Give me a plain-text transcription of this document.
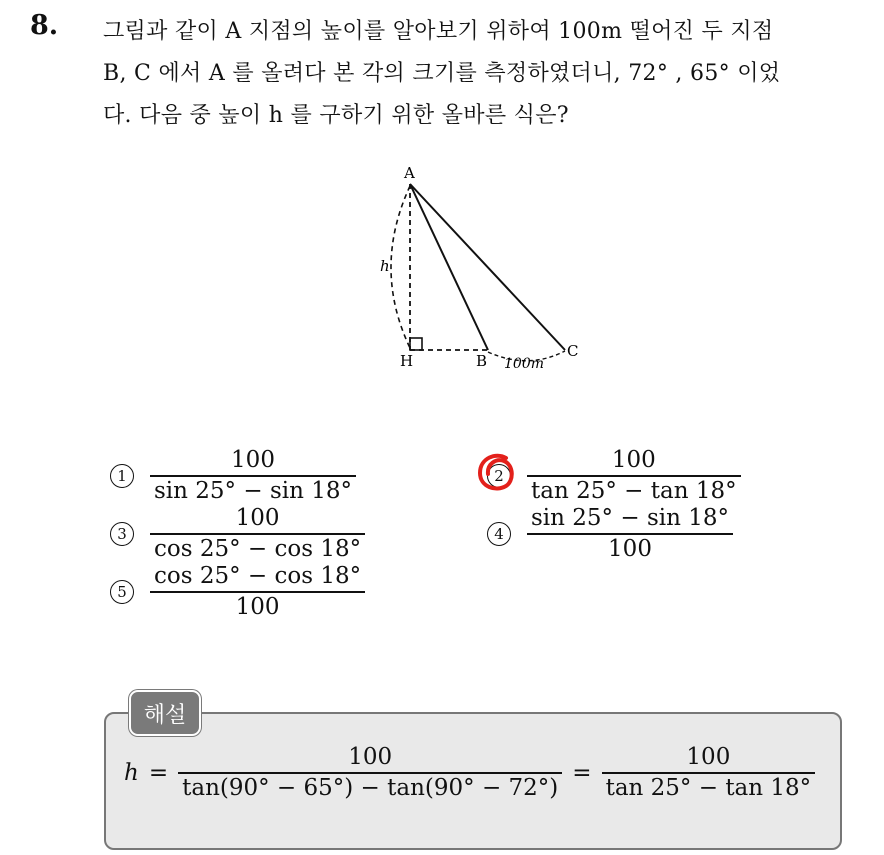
8. 그림과 같이 A 지점의 높이를 알아보기 위하여 100m 떨어진 두 지점
B, C 에서 A 를 올려다 본 각의 크기를 측정하였더니, 72° , 65° 이었
다. 다음 중 높이 h 를 구하기 위한 올바른 식은?
A
H	B
C
h
100m
1	$\frac{100}{\sin 25^\circ - \sin 18^\circ}$	2	$\frac{100}{\tan 25^\circ - \tan 18^\circ}$
3	$\frac{100}{\cos 25^\circ - \cos 18^\circ}$	4	$\frac{\sin 25^\circ - \sin 18^\circ}{100}$
5	$\frac{\cos 25^\circ - \cos 18^\circ}{100}$
해설
$h = \frac{100}{\tan(90^\circ - 65^\circ) - \tan(90^\circ - 72^\circ)} = \frac{100}{\tan 25^\circ - \tan 18^\circ}$
